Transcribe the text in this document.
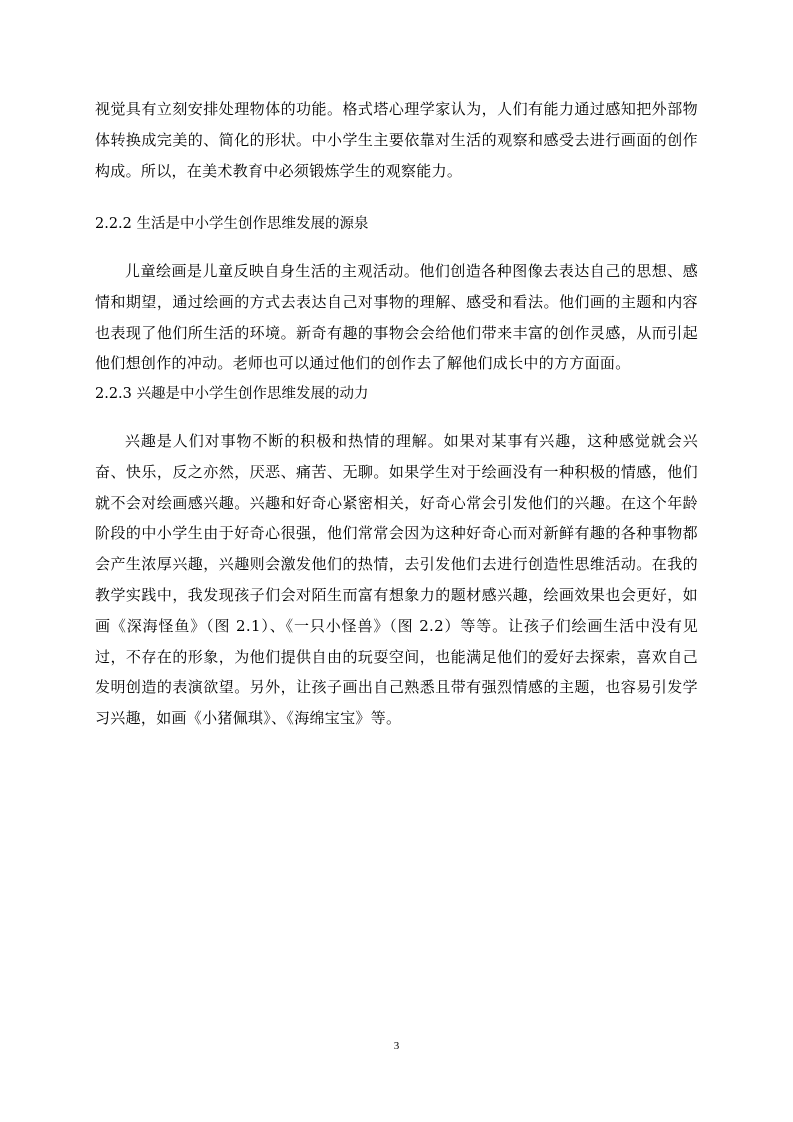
视觉具有立刻安排处理物体的功能。格式塔心理学家认为，人们有能力通过感知把外部物体转换成完美的、简化的形状。中小学生主要依靠对生活的观察和感受去进行画面的创作构成。所以，在美术教育中必须锻炼学生的观察能力。

2.2.2 生活是中小学生创作思维发展的源泉

儿童绘画是儿童反映自身生活的主观活动。他们创造各种图像去表达自己的思想、感情和期望，通过绘画的方式去表达自己对事物的理解、感受和看法。他们画的主题和内容也表现了他们所生活的环境。新奇有趣的事物会会给他们带来丰富的创作灵感，从而引起他们想创作的冲动。老师也可以通过他们的创作去了解他们成长中的方方面面。

2.2.3 兴趣是中小学生创作思维发展的动力

兴趣是人们对事物不断的积极和热情的理解。如果对某事有兴趣，这种感觉就会兴奋、快乐，反之亦然，厌恶、痛苦、无聊。如果学生对于绘画没有一种积极的情感，他们就不会对绘画感兴趣。兴趣和好奇心紧密相关，好奇心常会引发他们的兴趣。在这个年龄阶段的中小学生由于好奇心很强，他们常常会因为这种好奇心而对新鲜有趣的各种事物都会产生浓厚兴趣，兴趣则会激发他们的热情，去引发他们去进行创造性思维活动。在我的教学实践中，我发现孩子们会对陌生而富有想象力的题材感兴趣，绘画效果也会更好，如画《深海怪鱼》（图 2.1）、《一只小怪兽》（图 2.2）等等。让孩子们绘画生活中没有见过，不存在的形象，为他们提供自由的玩耍空间，也能满足他们的爱好去探索，喜欢自己发明创造的表演欲望。另外，让孩子画出自己熟悉且带有强烈情感的主题，也容易引发学习兴趣，如画《小猪佩琪》、《海绵宝宝》等。

3
